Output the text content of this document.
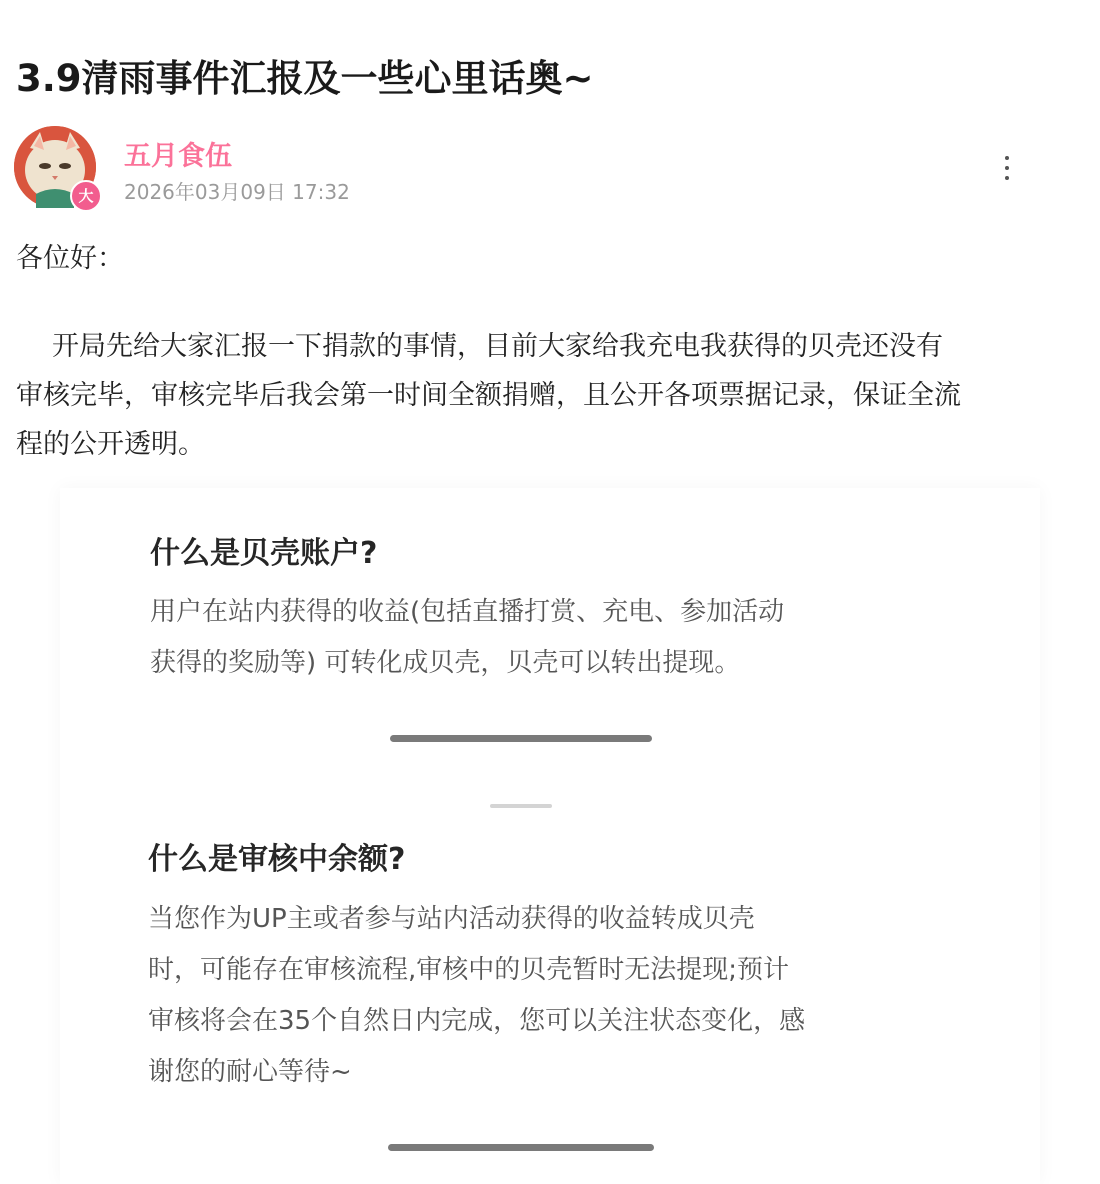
3.9清雨事件汇报及一些心里话奥~
大
五月食伍
2026年03月09日 17:32
各位好：
开局先给大家汇报一下捐款的事情，目前大家给我充电我获得的贝壳还没有
审核完毕，审核完毕后我会第一时间全额捐赠，且公开各项票据记录，保证全流
程的公开透明。
什么是贝壳账户?
用户在站内获得的收益(包括直播打赏、充电、参加活动
获得的奖励等) 可转化成贝壳，贝壳可以转出提现。
什么是审核中余额?
当您作为UP主或者参与站内活动获得的收益转成贝壳
时，可能存在审核流程,审核中的贝壳暂时无法提现;预计
审核将会在35个自然日内完成，您可以关注状态变化，感
谢您的耐心等待~
